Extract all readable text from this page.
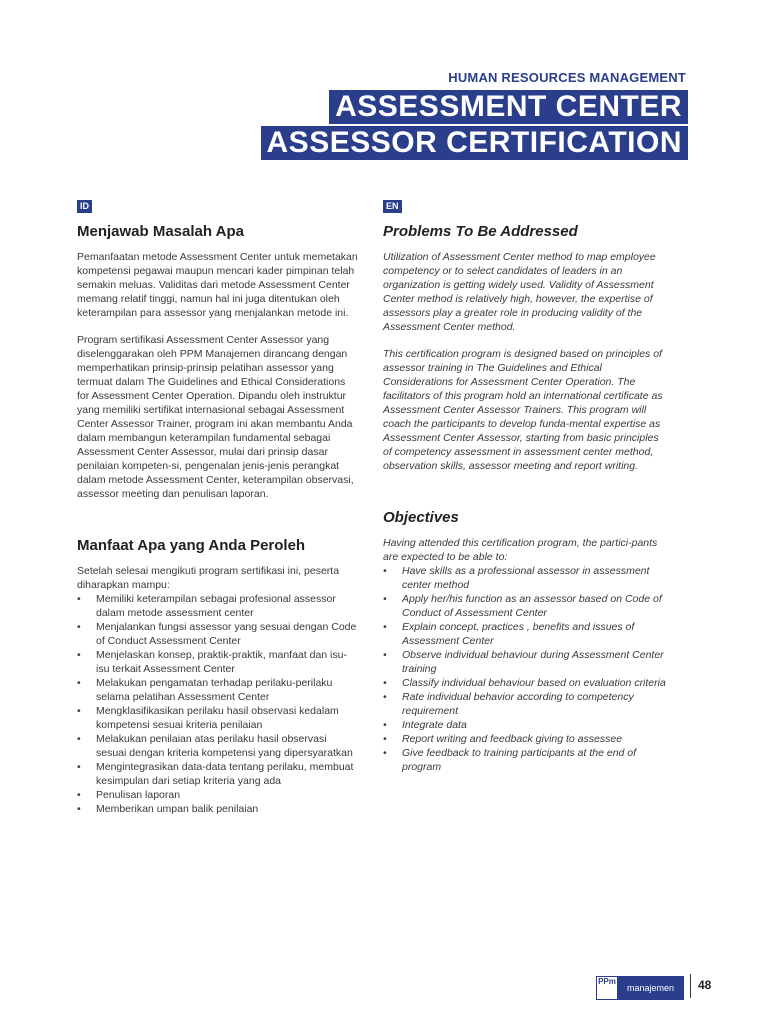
HUMAN RESOURCES MANAGEMENT
ASSESSMENT CENTER
ASSESSOR CERTIFICATION
ID
Menjawab Masalah Apa

Pemanfaatan metode Assessment Center untuk memetakan kompetensi pegawai maupun mencari kader pimpinan telah semakin meluas. Validitas dari metode Assessment Center memang relatif tinggi, namun hal ini juga ditentukan oleh keterampilan para assessor yang menjalankan metode ini.

Program sertifikasi Assessment Center Assessor yang diselenggarakan oleh PPM Manajemen dirancang dengan memperhatikan prinsip-prinsip pelatihan assessor yang termuat dalam The Guidelines and Ethical Considerations for Assessment Center Operation. Dipandu oleh instruktur yang memiliki sertifikat internasional sebagai Assessment Center Assessor Trainer, program ini akan membantu Anda dalam membangun keterampilan fundamental sebagai Assessment Center Assessor, mulai dari prinsip dasar penilaian kompeten-si, pengenalan jenis-jenis perangkat dalam metode Assessment Center, keterampilan observasi, assessor meeting dan penulisan laporan.

Manfaat Apa yang Anda Peroleh

Setelah selesai mengikuti program sertifikasi ini, peserta diharapkan mampu:

• Memiliki keterampilan sebagai profesional assessor dalam metode assessment center
• Menjalankan fungsi assessor yang sesuai dengan Code of Conduct Assessment Center
• Menjelaskan konsep, praktik-praktik, manfaat dan isu-isu terkait Assessment Center
• Melakukan pengamatan terhadap perilaku-perilaku selama pelatihan Assessment Center
• Mengklasifikasikan perilaku hasil observasi kedalam kompetensi sesuai kriteria penilaian
• Melakukan penilaian atas perilaku hasil observasi sesuai dengan kriteria kompetensi yang dipersyaratkan
• Mengintegrasikan data-data tentang perilaku, membuat kesimpulan dari setiap kriteria yang ada
• Penulisan laporan
• Memberikan umpan balik penilaian
EN
Problems To Be Addressed

Utilization of Assessment Center method to map employee competency or to select candidates of leaders in an organization is getting widely used. Validity of Assessment Center method is relatively high, however, the expertise of assessors play a greater role in producing validity of the Assessment Center method.

This certification program is designed based on principles of assessor training in The Guidelines and Ethical Considerations for Assessment Center Operation. The facilitators of this program hold an international certificate as Assessment Center Assessor Trainers. This program will coach the participants to develop funda-mental expertise as Assessment Center Assessor, starting from basic principles of competency assessment in assessment center method, observation skills, assessor meeting and report writing.

Objectives

Having attended this certification program, the partici-pants are expected to be able to:

• Have skills as a professional assessor in assessment center method
• Apply her/his function as an assessor based on Code of Conduct of Assessment Center
• Explain concept, practices , benefits and issues of Assessment Center
• Observe individual behaviour during Assessment Center training
• Classify individual behaviour based on evaluation criteria
• Rate individual behavior according to competency requirement
• Integrate data
• Report writing and feedback giving to assessee
• Give feedback to training participants at the end of program
PPm
manajemen	48
